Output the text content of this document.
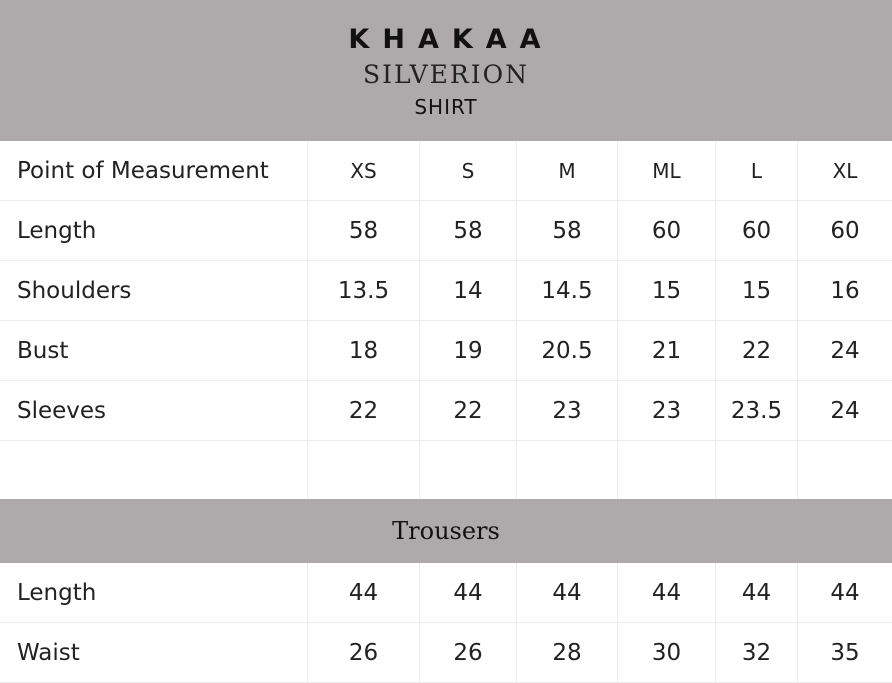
KHAKAA
SILVERION
SHIRT
Point of Measurement	XS	S	M	ML	L	XL
Length	58	58	58	60	60	60
Shoulders	13.5	14	14.5	15	15	16
Bust	18	19	20.5	21	22	24
Sleeves	22	22	23	23	23.5	24
Trousers
Length	44	44	44	44	44	44
Waist	26	26	28	30	32	35
